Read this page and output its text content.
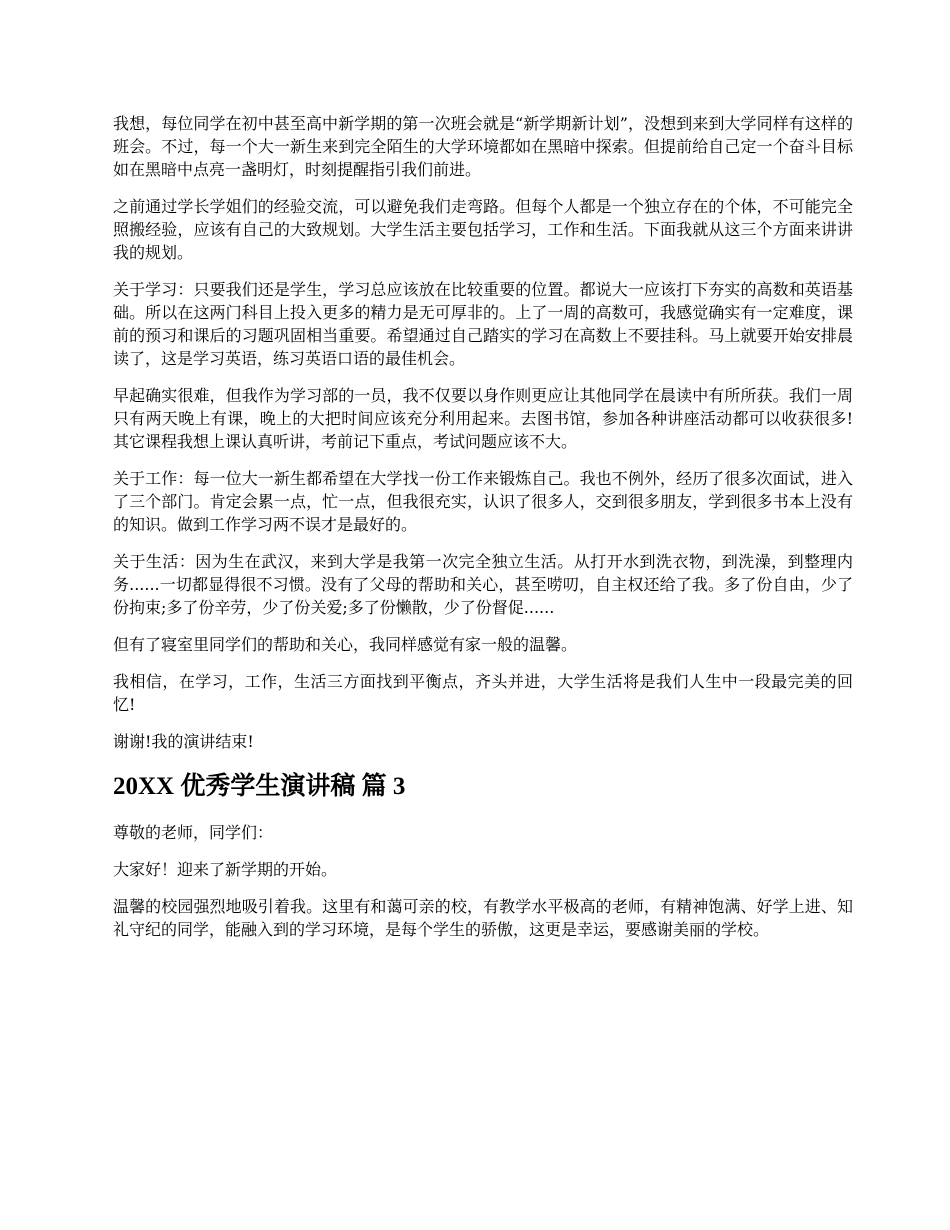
我想，每位同学在初中甚至高中新学期的第一次班会就是“新学期新计划”，没想到来到大学同样有这样的班会。不过，每一个大一新生来到完全陌生的大学环境都如在黑暗中探索。但提前给自己定一个奋斗目标如在黑暗中点亮一盏明灯，时刻提醒指引我们前进。

之前通过学长学姐们的经验交流，可以避免我们走弯路。但每个人都是一个独立存在的个体，不可能完全照搬经验，应该有自己的大致规划。大学生活主要包括学习，工作和生活。下面我就从这三个方面来讲讲我的规划。

关于学习：只要我们还是学生，学习总应该放在比较重要的位置。都说大一应该打下夯实的高数和英语基础。所以在这两门科目上投入更多的精力是无可厚非的。上了一周的高数可，我感觉确实有一定难度，课前的预习和课后的习题巩固相当重要。希望通过自己踏实的学习在高数上不要挂科。马上就要开始安排晨读了，这是学习英语，练习英语口语的最佳机会。

早起确实很难，但我作为学习部的一员，我不仅要以身作则更应让其他同学在晨读中有所所获。我们一周只有两天晚上有课，晚上的大把时间应该充分利用起来。去图书馆，参加各种讲座活动都可以收获很多!其它课程我想上课认真听讲，考前记下重点，考试问题应该不大。

关于工作：每一位大一新生都希望在大学找一份工作来锻炼自己。我也不例外，经历了很多次面试，进入了三个部门。肯定会累一点，忙一点，但我很充实，认识了很多人，交到很多朋友，学到很多书本上没有的知识。做到工作学习两不误才是最好的。

关于生活：因为生在武汉，来到大学是我第一次完全独立生活。从打开水到洗衣物，到洗澡，到整理内务......一切都显得很不习惯。没有了父母的帮助和关心，甚至唠叨，自主权还给了我。多了份自由，少了份拘束;多了份辛劳，少了份关爱;多了份懒散，少了份督促......

但有了寝室里同学们的帮助和关心，我同样感觉有家一般的温馨。

我相信，在学习，工作，生活三方面找到平衡点，齐头并进，大学生活将是我们人生中一段最完美的回忆!

谢谢!我的演讲结束!

20XX 优秀学生演讲稿 篇 3

尊敬的老师，同学们：

大家好！迎来了新学期的开始。

温馨的校园强烈地吸引着我。这里有和蔼可亲的校，有教学水平极高的老师，有精神饱满、好学上进、知礼守纪的同学，能融入到的学习环境，是每个学生的骄傲，这更是幸运，要感谢美丽的学校。
